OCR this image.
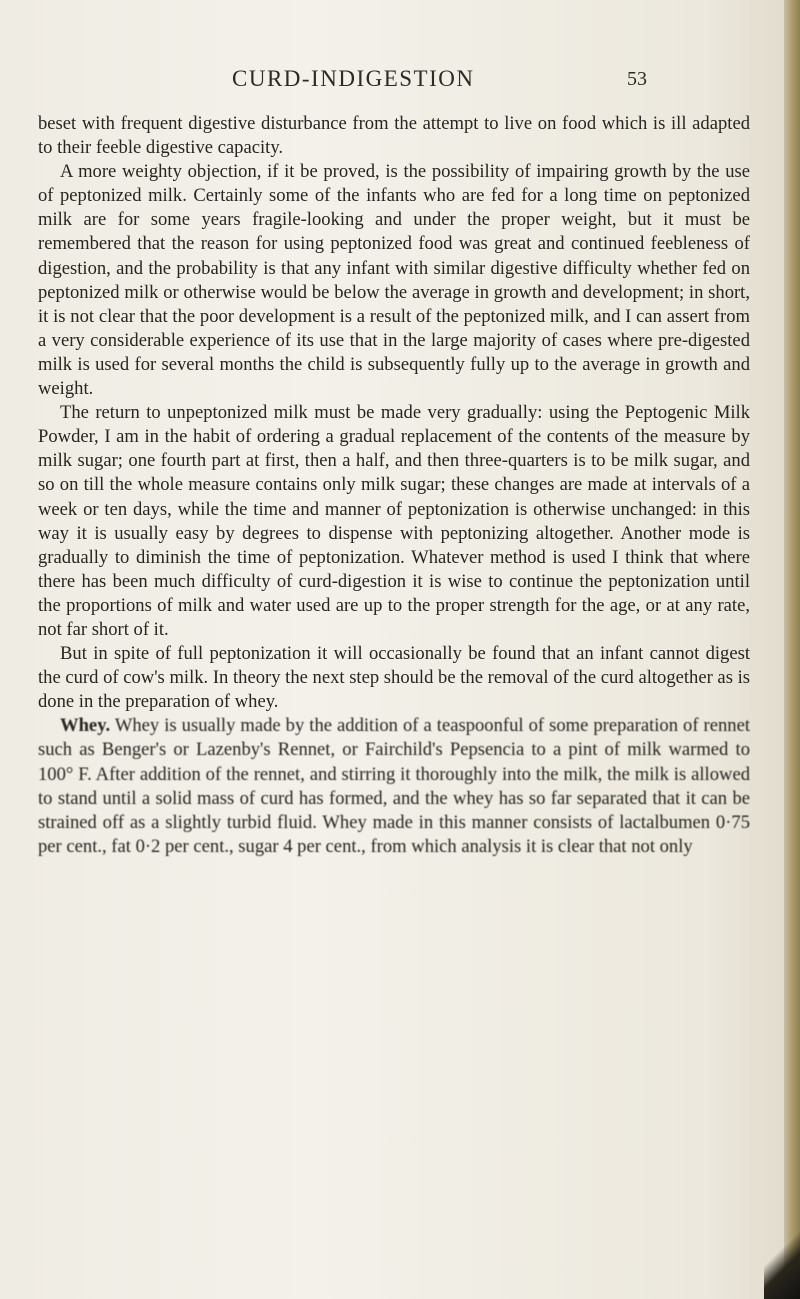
CURD-INDIGESTION	53

beset with frequent digestive disturbance from the attempt to live on food which is ill adapted to their feeble digestive capacity.

A more weighty objection, if it be proved, is the possibility of impairing growth by the use of peptonized milk. Certainly some of the infants who are fed for a long time on peptonized milk are for some years fragile-looking and under the proper weight, but it must be remembered that the reason for using peptonized food was great and continued feebleness of digestion, and the probability is that any infant with similar digestive difficulty whether fed on peptonized milk or otherwise would be below the average in growth and development; in short, it is not clear that the poor development is a result of the peptonized milk, and I can assert from a very considerable experience of its use that in the large majority of cases where pre-digested milk is used for several months the child is subsequently fully up to the average in growth and weight.

The return to unpeptonized milk must be made very gradually: using the Peptogenic Milk Powder, I am in the habit of ordering a gradual replacement of the contents of the measure by milk sugar; one fourth part at first, then a half, and then three-quarters is to be milk sugar, and so on till the whole measure contains only milk sugar; these changes are made at intervals of a week or ten days, while the time and manner of peptonization is otherwise unchanged: in this way it is usually easy by degrees to dispense with peptonizing altogether. Another mode is gradually to diminish the time of peptonization. Whatever method is used I think that where there has been much difficulty of curd-digestion it is wise to continue the peptonization until the proportions of milk and water used are up to the proper strength for the age, or at any rate, not far short of it.

But in spite of full peptonization it will occasionally be found that an infant cannot digest the curd of cow's milk. In theory the next step should be the removal of the curd altogether as is done in the preparation of whey.

Whey. Whey is usually made by the addition of a teaspoonful of some preparation of rennet such as Benger's or Lazenby's Rennet, or Fairchild's Pepsencia to a pint of milk warmed to 100° F. After addition of the rennet, and stirring it thoroughly into the milk, the milk is allowed to stand until a solid mass of curd has formed, and the whey has so far separated that it can be strained off as a slightly turbid fluid. Whey made in this manner consists of lactalbumen 0·75 per cent., fat 0·2 per cent., sugar 4 per cent., from which analysis it is clear that not only
